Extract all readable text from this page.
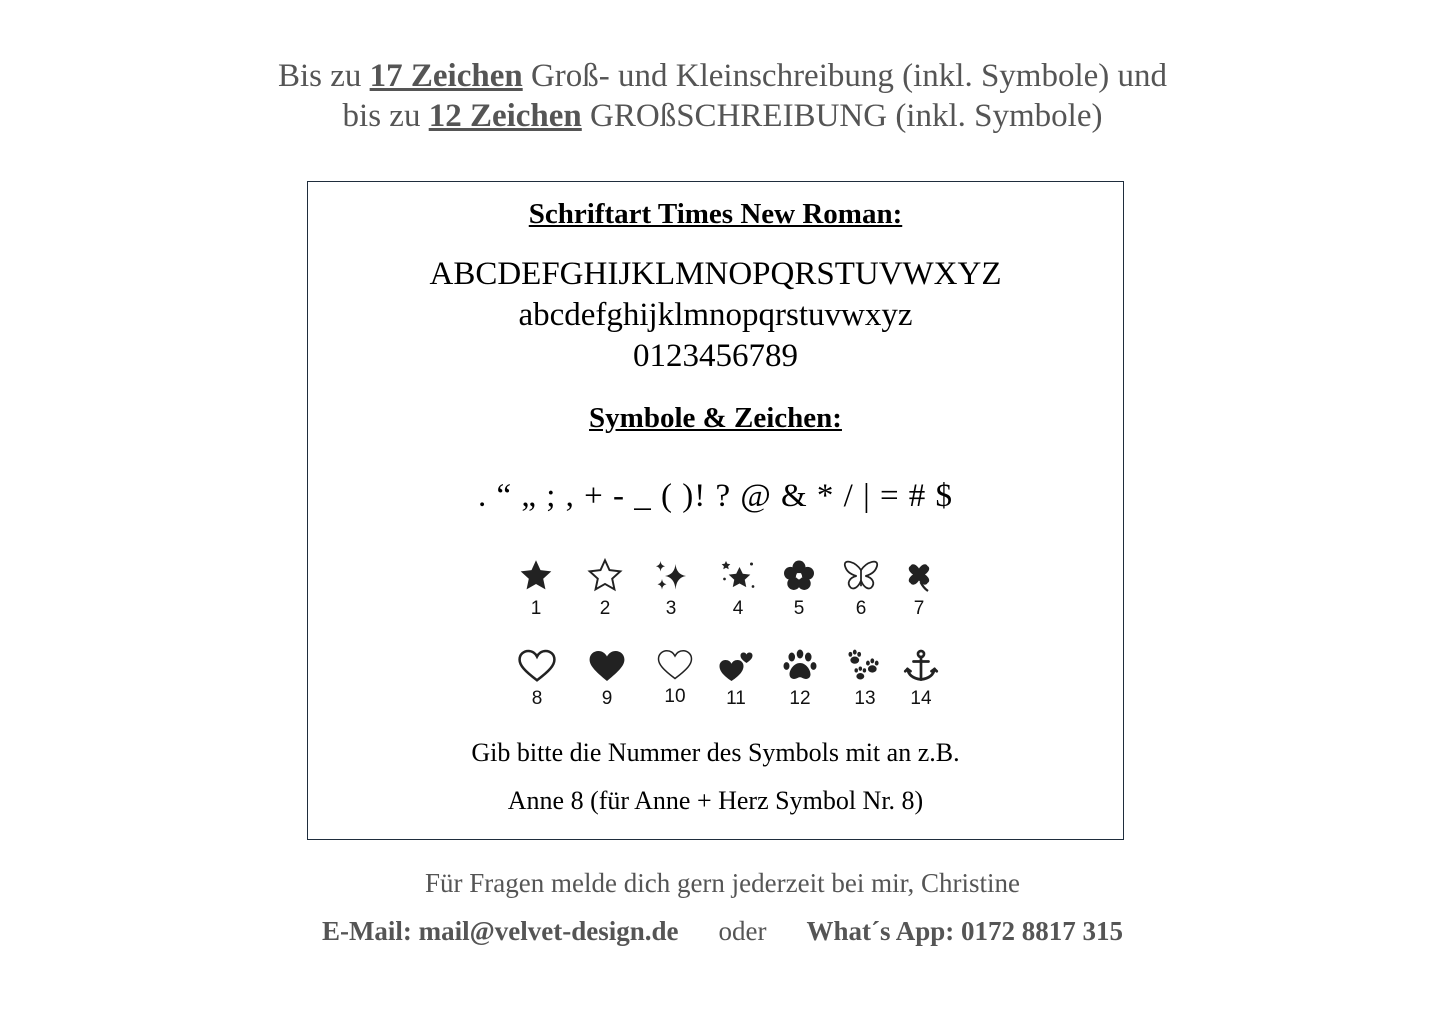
Bis zu 17 Zeichen Groß- und Kleinschreibung (inkl. Symbole) und
bis zu 12 Zeichen GROßSCHREIBUNG (inkl. Symbole)
Schriftart Times New Roman:
ABCDEFGHIJKLMNOPQRSTUVWXYZ
abcdefghijklmnopqrstuvwxyz
0123456789
Symbole & Zeichen:
. “ „ ; , + - _ ( )! ? @ & * / | = # $
1	2	3	4	5	6	7
8	9	10	11	12	13	14
Gib bitte die Nummer des Symbols mit an z.B.
Anne 8 (für Anne + Herz Symbol Nr. 8)
Für Fragen melde dich gern jederzeit bei mir, Christine
E-Mail: mail@velvet-design.de oder What´s App: 0172 8817 315
